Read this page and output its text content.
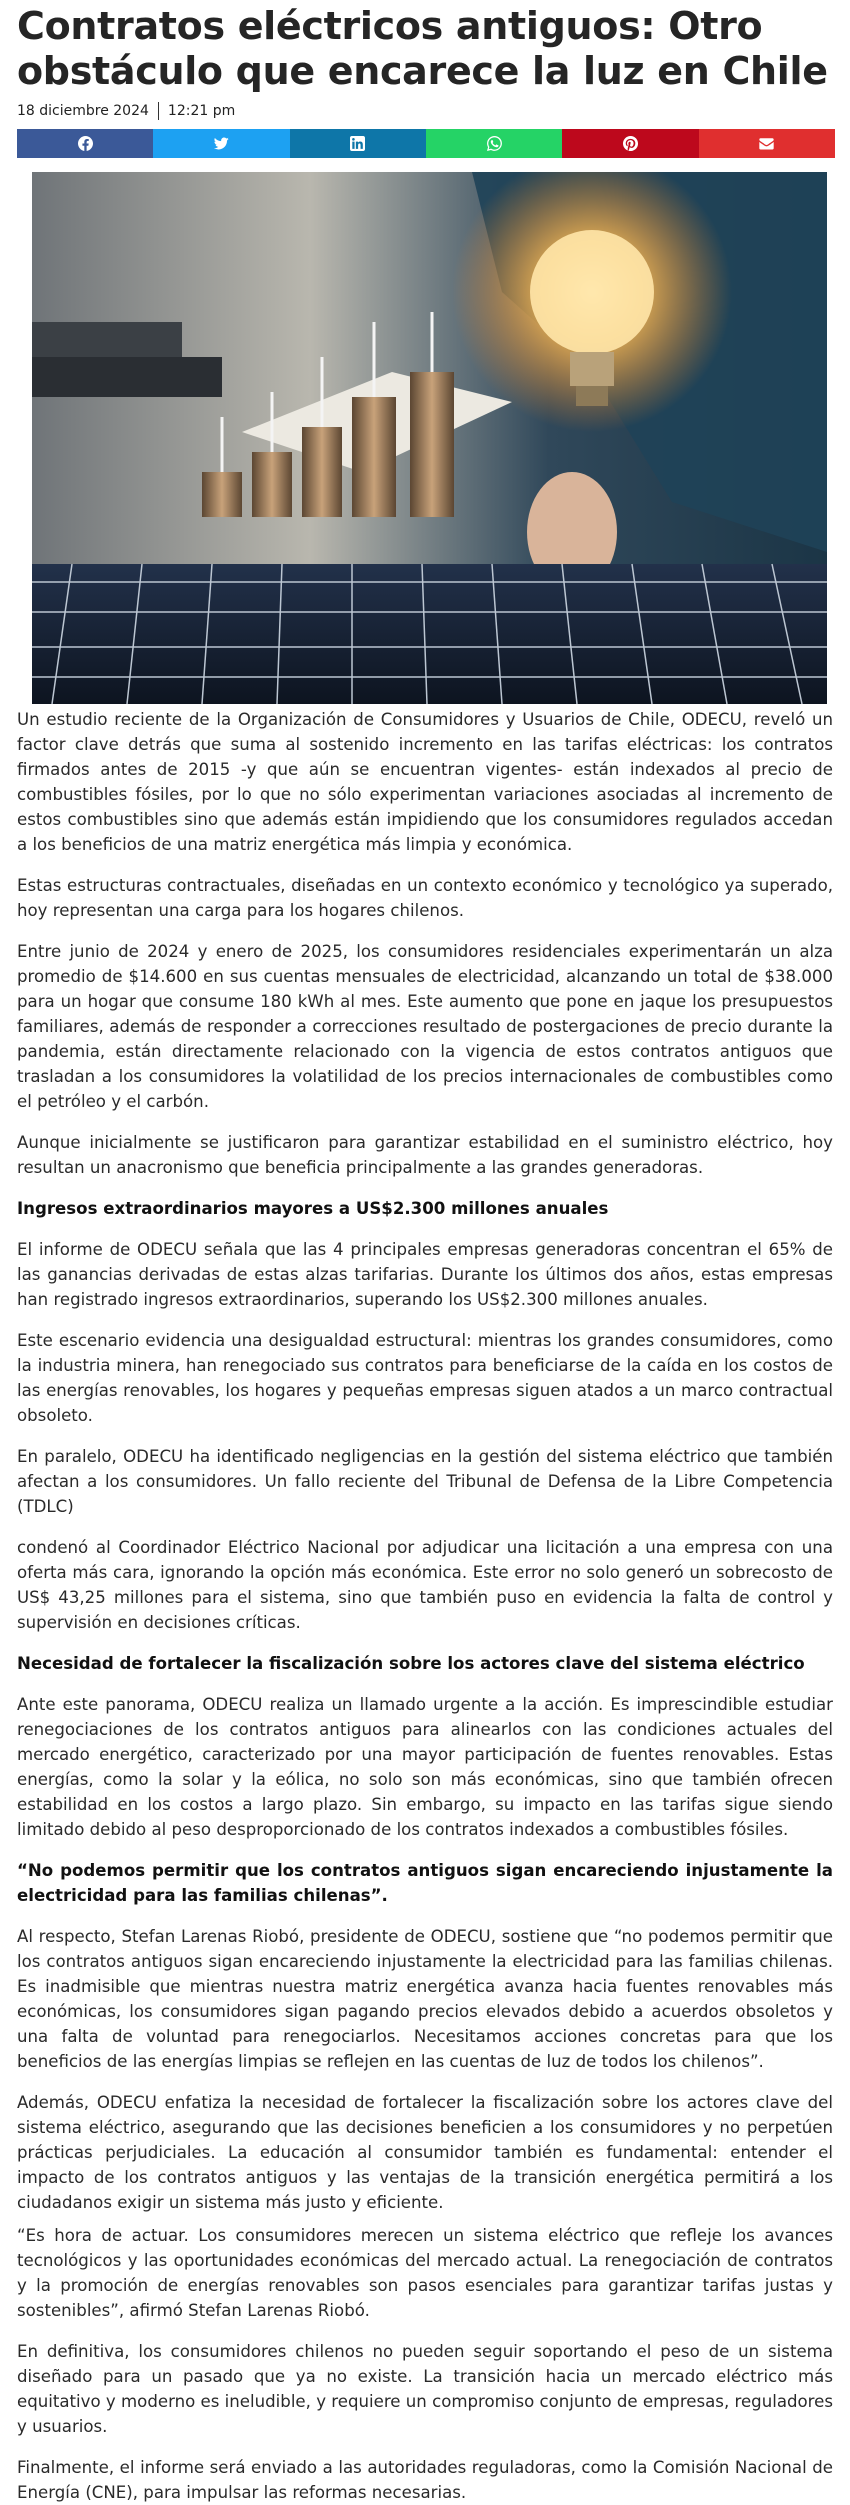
Contratos eléctricos antiguos: Otro obstáculo que encarece la luz en Chile
18 diciembre 2024 12:21 pm

Un estudio reciente de la Organización de Consumidores y Usuarios de Chile, ODECU, reveló un factor clave detrás que suma al sostenido incremento en las tarifas eléctricas: los contratos firmados antes de 2015 -y que aún se encuentran vigentes- están indexados al precio de combustibles fósiles, por lo que no sólo experimentan variaciones asociadas al incremento de estos combustibles sino que además están impidiendo que los consumidores regulados accedan a los beneficios de una matriz energética más limpia y económica.

Estas estructuras contractuales, diseñadas en un contexto económico y tecnológico ya superado, hoy representan una carga para los hogares chilenos.

Entre junio de 2024 y enero de 2025, los consumidores residenciales experimentarán un alza promedio de $14.600 en sus cuentas mensuales de electricidad, alcanzando un total de $38.000 para un hogar que consume 180 kWh al mes. Este aumento que pone en jaque los presupuestos familiares, además de responder a correcciones resultado de postergaciones de precio durante la pandemia, están directamente relacionado con la vigencia de estos contratos antiguos que trasladan a los consumidores la volatilidad de los precios internacionales de combustibles como el petróleo y el carbón.

Aunque inicialmente se justificaron para garantizar estabilidad en el suministro eléctrico, hoy resultan un anacronismo que beneficia principalmente a las grandes generadoras.

Ingresos extraordinarios mayores a US$2.300 millones anuales

El informe de ODECU señala que las 4 principales empresas generadoras concentran el 65% de las ganancias derivadas de estas alzas tarifarias. Durante los últimos dos años, estas empresas han registrado ingresos extraordinarios, superando los US$2.300 millones anuales.

Este escenario evidencia una desigualdad estructural: mientras los grandes consumidores, como la industria minera, han renegociado sus contratos para beneficiarse de la caída en los costos de las energías renovables, los hogares y pequeñas empresas siguen atados a un marco contractual obsoleto.

En paralelo, ODECU ha identificado negligencias en la gestión del sistema eléctrico que también afectan a los consumidores. Un fallo reciente del Tribunal de Defensa de la Libre Competencia (TDLC)

condenó al Coordinador Eléctrico Nacional por adjudicar una licitación a una empresa con una oferta más cara, ignorando la opción más económica. Este error no solo generó un sobrecosto de US$ 43,25 millones para el sistema, sino que también puso en evidencia la falta de control y supervisión en decisiones críticas.

Necesidad de fortalecer la fiscalización sobre los actores clave del sistema eléctrico

Ante este panorama, ODECU realiza un llamado urgente a la acción. Es imprescindible estudiar renegociaciones de los contratos antiguos para alinearlos con las condiciones actuales del mercado energético, caracterizado por una mayor participación de fuentes renovables. Estas energías, como la solar y la eólica, no solo son más económicas, sino que también ofrecen estabilidad en los costos a largo plazo. Sin embargo, su impacto en las tarifas sigue siendo limitado debido al peso desproporcionado de los contratos indexados a combustibles fósiles.

“No podemos permitir que los contratos antiguos sigan encareciendo injustamente la electricidad para las familias chilenas”.

Al respecto, Stefan Larenas Riobó, presidente de ODECU, sostiene que “no podemos permitir que los contratos antiguos sigan encareciendo injustamente la electricidad para las familias chilenas. Es inadmisible que mientras nuestra matriz energética avanza hacia fuentes renovables más económicas, los consumidores sigan pagando precios elevados debido a acuerdos obsoletos y una falta de voluntad para renegociarlos. Necesitamos acciones concretas para que los beneficios de las energías limpias se reflejen en las cuentas de luz de todos los chilenos”.

Además, ODECU enfatiza la necesidad de fortalecer la fiscalización sobre los actores clave del sistema eléctrico, asegurando que las decisiones beneficien a los consumidores y no perpetúen prácticas perjudiciales. La educación al consumidor también es fundamental: entender el impacto de los contratos antiguos y las ventajas de la transición energética permitirá a los ciudadanos exigir un sistema más justo y eficiente.

“Es hora de actuar. Los consumidores merecen un sistema eléctrico que refleje los avances tecnológicos y las oportunidades económicas del mercado actual. La renegociación de contratos y la promoción de energías renovables son pasos esenciales para garantizar tarifas justas y sostenibles”, afirmó Stefan Larenas Riobó.

En definitiva, los consumidores chilenos no pueden seguir soportando el peso de un sistema diseñado para un pasado que ya no existe. La transición hacia un mercado eléctrico más equitativo y moderno es ineludible, y requiere un compromiso conjunto de empresas, reguladores y usuarios.

Finalmente, el informe será enviado a las autoridades reguladoras, como la Comisión Nacional de Energía (CNE), para impulsar las reformas necesarias.
